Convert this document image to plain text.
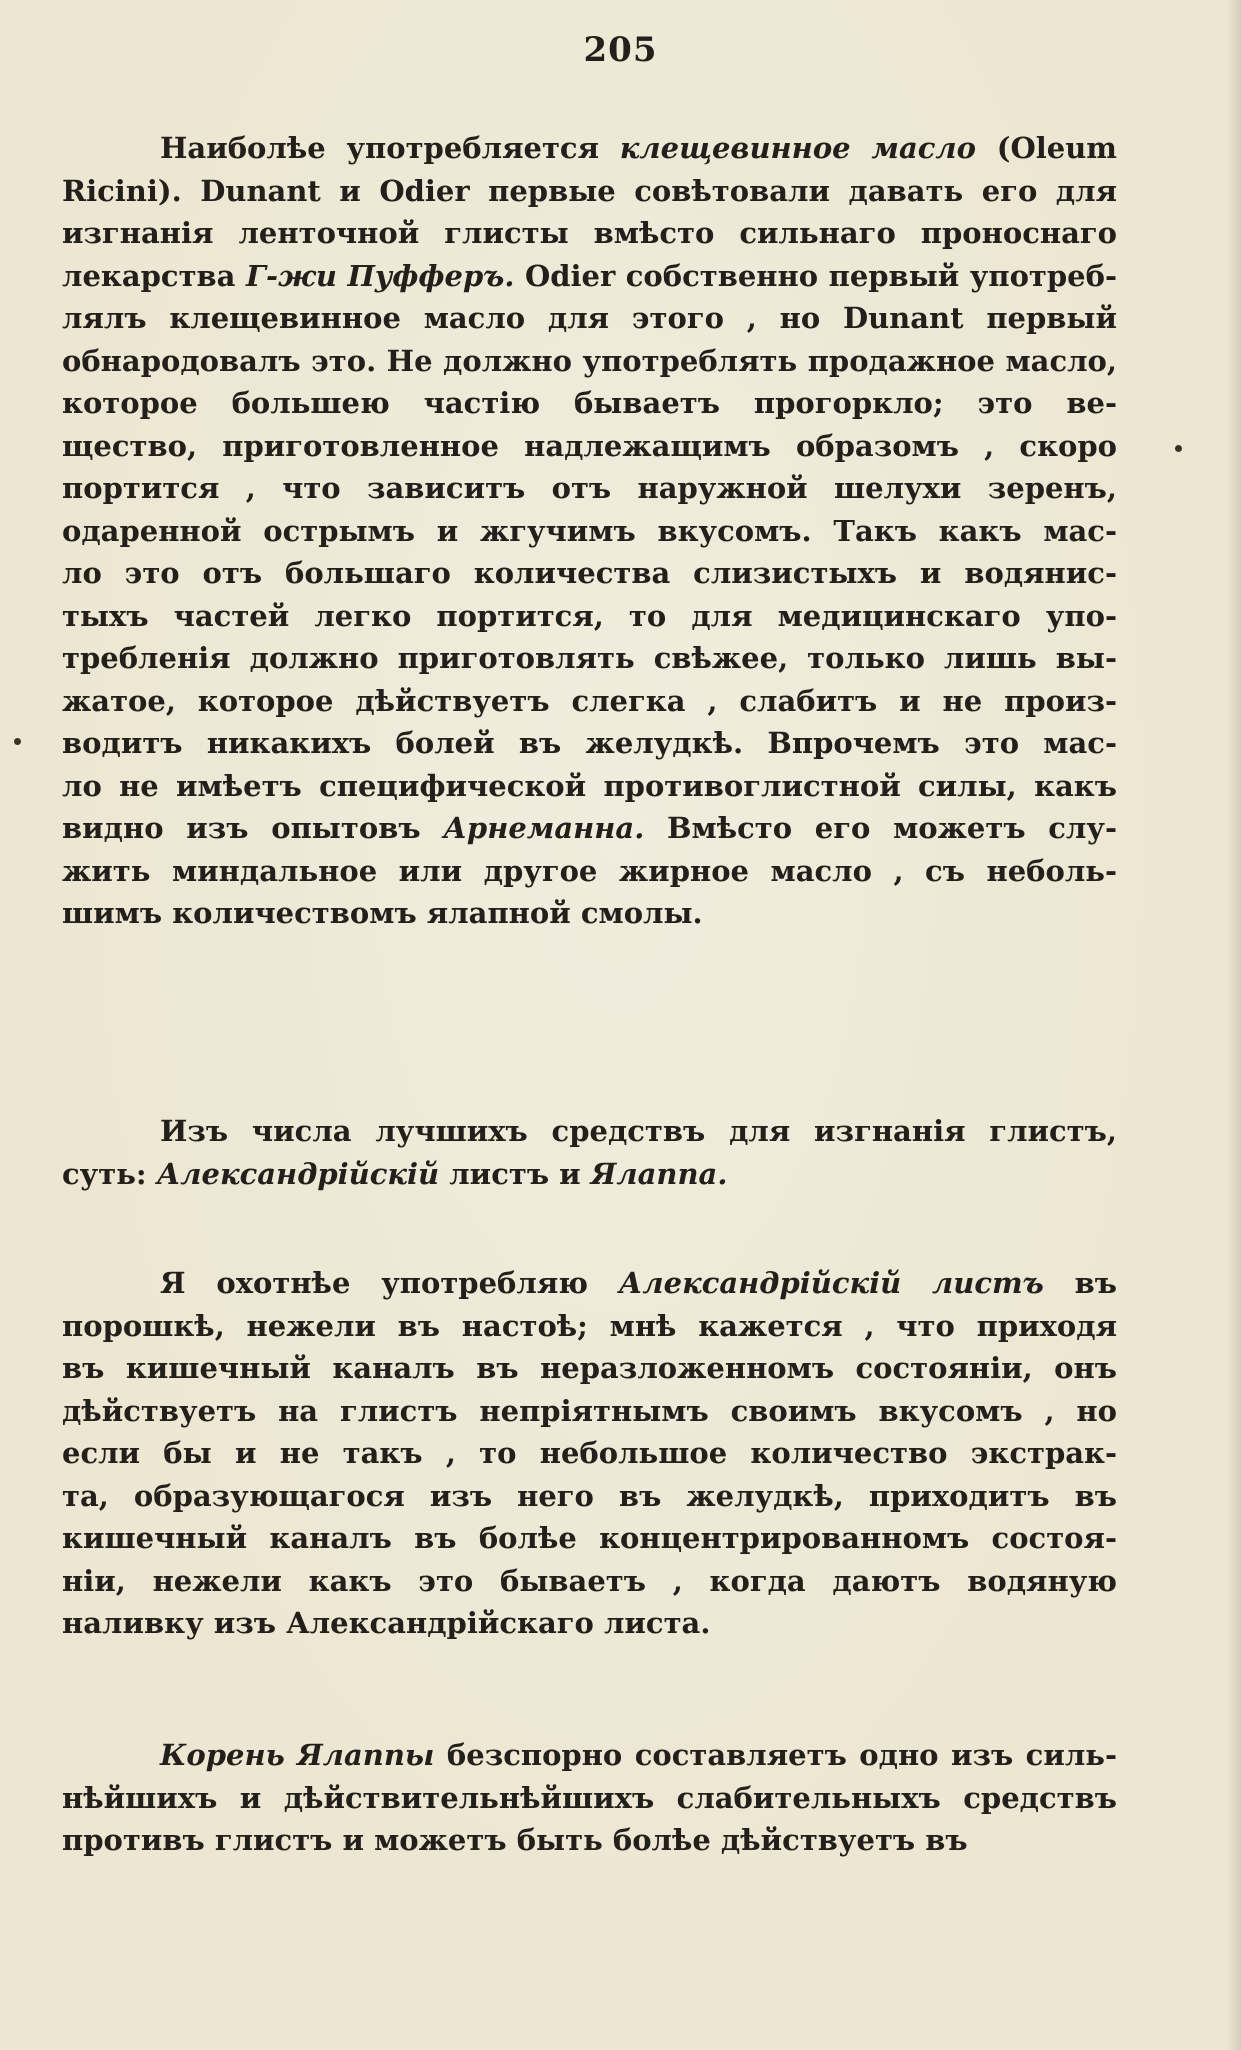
205
Наиболѣе употребляется клещевинное масло (Oleum
Ricini). Dunant и Odier первые совѣтовали давать его для
изгнанія ленточной глисты вмѣсто сильнаго проноснаго
лекарства Г-жи Пуфферъ. Odier собственно первый употреб-
лялъ клещевинное масло для этого , но Dunant первый
обнародовалъ это. Не должно употреблять продажное масло,
которое большею частію бываетъ прогоркло; это ве-
щество, приготовленное надлежащимъ образомъ , скоро
портится , что зависитъ отъ наружной шелухи зеренъ,
одаренной острымъ и жгучимъ вкусомъ. Такъ какъ мас-
ло это отъ большаго количества слизистыхъ и водянис-
тыхъ частей легко портится, то для медицинскаго упо-
требленія должно приготовлять свѣжее, только лишь вы-
жатое, которое дѣйствуетъ слегка , слабитъ и не произ-
водитъ никакихъ болей въ желудкѣ. Впрочемъ это мас-
ло не имѣетъ специфической противоглистной силы, какъ
видно изъ опытовъ Арнеманна. Вмѣсто его можетъ слу-
жить миндальное или другое жирное масло , съ неболь-
шимъ количествомъ ялапной смолы.
Изъ числа лучшихъ средствъ для изгнанія глистъ,
суть: Александрійскій листъ и Ялаппа.
Я охотнѣе употребляю Александрійскій листъ въ
порошкѣ, нежели въ настоѣ; мнѣ кажется , что приходя
въ кишечный каналъ въ неразложенномъ состояніи, онъ
дѣйствуетъ на глистъ непріятнымъ своимъ вкусомъ , но
если бы и не такъ , то небольшое количество экстрак-
та, образующагося изъ него въ желудкѣ, приходитъ въ
кишечный каналъ въ болѣе концентрированномъ состоя-
ніи, нежели какъ это бываетъ , когда даютъ водяную
наливку изъ Александрійскаго листа.
Корень Ялаппы безспорно составляетъ одно изъ силь-
нѣйшихъ и дѣйствительнѣйшихъ слабительныхъ средствъ
противъ глистъ и можетъ быть болѣе дѣйствуетъ въ
